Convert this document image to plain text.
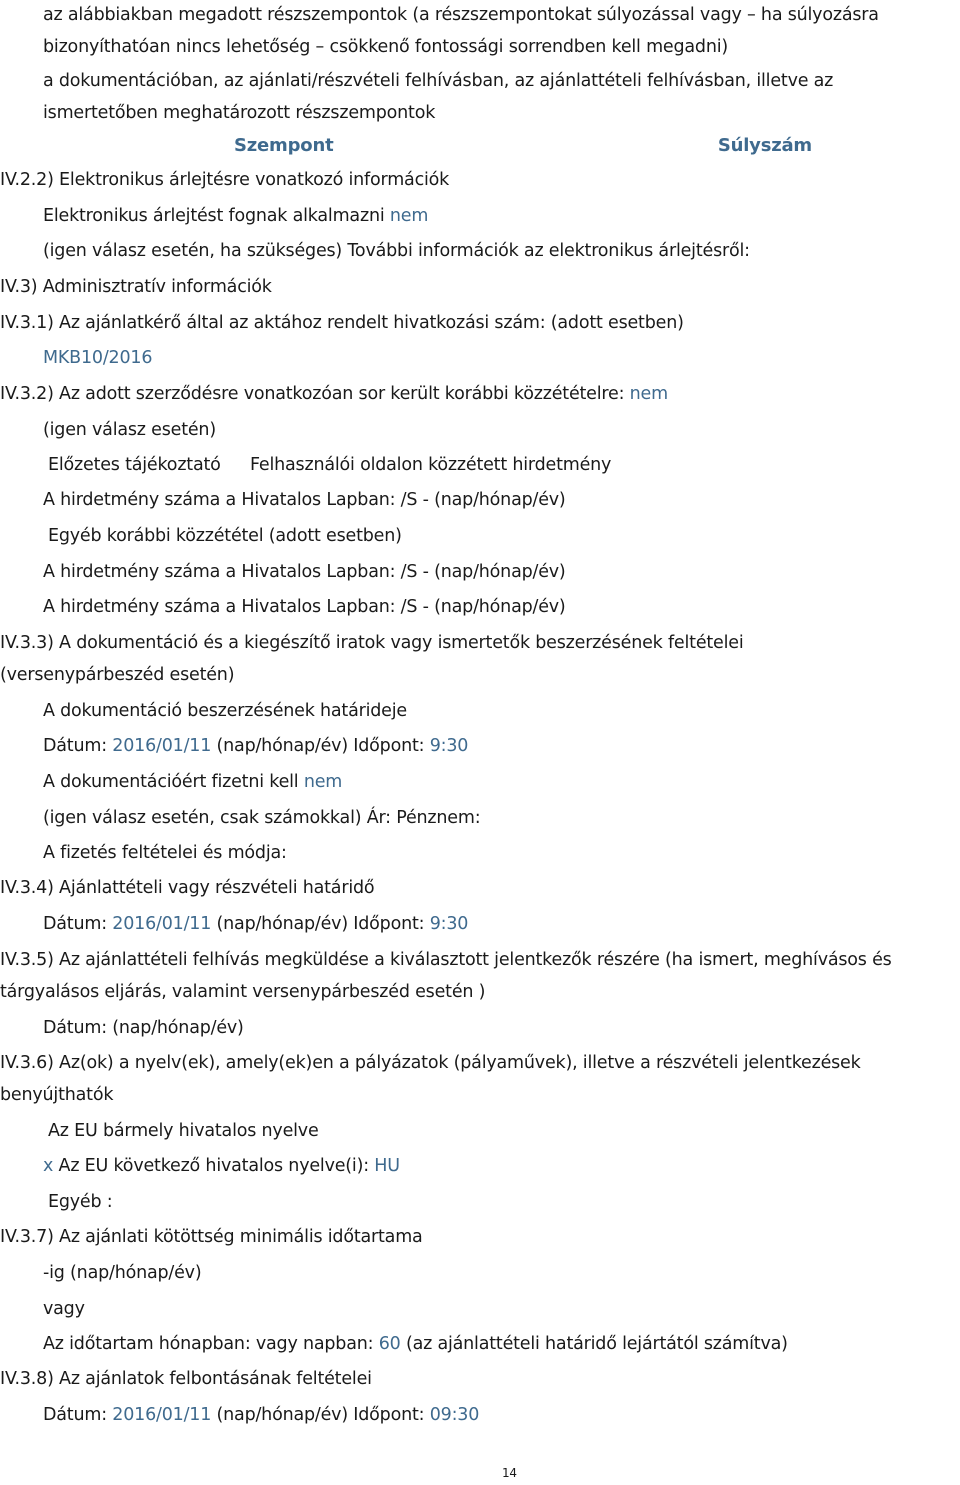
az alábbiakban megadott részszempontok (a részszempontokat súlyozással vagy – ha súlyozásra
bizonyíthatóan nincs lehetőség – csökkenő fontossági sorrendben kell megadni)
a dokumentációban, az ajánlati/részvételi felhívásban, az ajánlattételi felhívásban, illetve az
ismertetőben meghatározott részszempontok
Szempont	Súlyszám
IV.2.2) Elektronikus árlejtésre vonatkozó információk
Elektronikus árlejtést fognak alkalmazni nem
(igen válasz esetén, ha szükséges) További információk az elektronikus árlejtésről:
IV.3) Adminisztratív információk
IV.3.1) Az ajánlatkérő által az aktához rendelt hivatkozási szám: (adott esetben)
MKB10/2016
IV.3.2) Az adott szerződésre vonatkozóan sor került korábbi közzétételre: nem
(igen válasz esetén)
Előzetes tájékoztató Felhasználói oldalon közzétett hirdetmény
A hirdetmény száma a Hivatalos Lapban: /S - (nap/hónap/év)
Egyéb korábbi közzététel (adott esetben)
A hirdetmény száma a Hivatalos Lapban: /S - (nap/hónap/év)
A hirdetmény száma a Hivatalos Lapban: /S - (nap/hónap/év)
IV.3.3) A dokumentáció és a kiegészítő iratok vagy ismertetők beszerzésének feltételei
(versenypárbeszéd esetén)
A dokumentáció beszerzésének határideje
Dátum: 2016/01/11 (nap/hónap/év) Időpont: 9:30
A dokumentációért fizetni kell nem
(igen válasz esetén, csak számokkal) Ár: Pénznem:
A fizetés feltételei és módja:
IV.3.4) Ajánlattételi vagy részvételi határidő
Dátum: 2016/01/11 (nap/hónap/év) Időpont: 9:30
IV.3.5) Az ajánlattételi felhívás megküldése a kiválasztott jelentkezők részére (ha ismert, meghívásos és
tárgyalásos eljárás, valamint versenypárbeszéd esetén )
Dátum: (nap/hónap/év)
IV.3.6) Az(ok) a nyelv(ek), amely(ek)en a pályázatok (pályaművek), illetve a részvételi jelentkezések
benyújthatók
Az EU bármely hivatalos nyelve
x Az EU következő hivatalos nyelve(i): HU
Egyéb :
IV.3.7) Az ajánlati kötöttség minimális időtartama
-ig (nap/hónap/év)
vagy
Az időtartam hónapban: vagy napban: 60 (az ajánlattételi határidő lejártától számítva)
IV.3.8) Az ajánlatok felbontásának feltételei
Dátum: 2016/01/11 (nap/hónap/év) Időpont: 09:30
14
